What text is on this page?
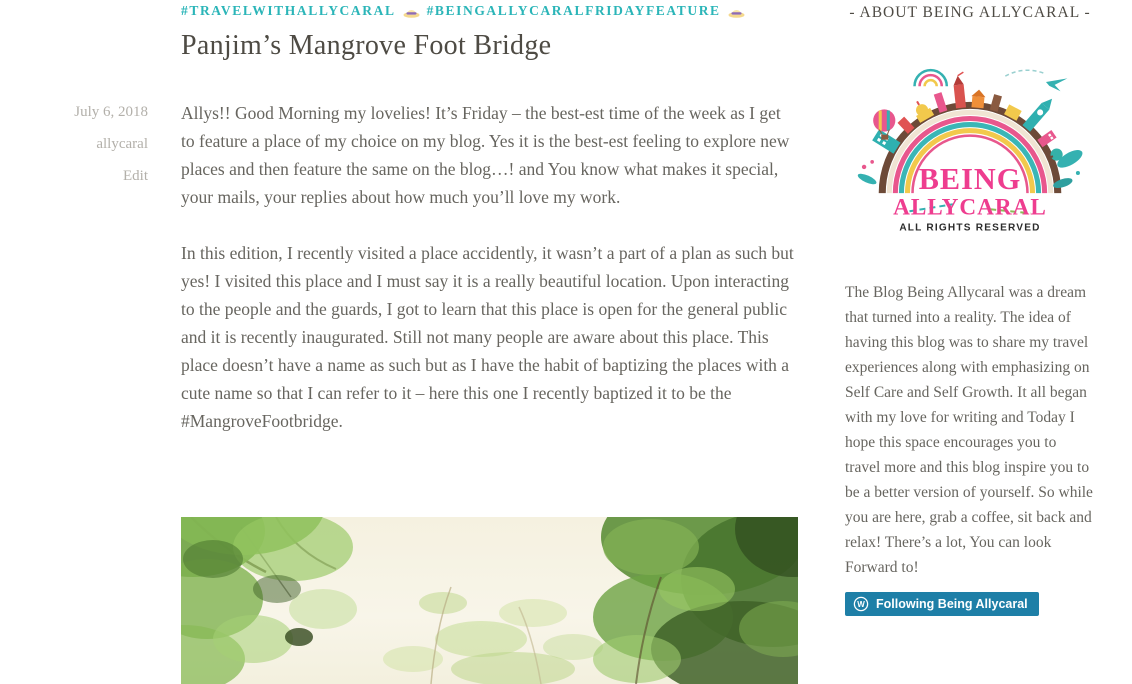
July 6, 2018
allycaral
Edit
#TRAVELWITHALLYCARAL #BEINGALLYCARALFRIDAYFEATURE
Panjim’s Mangrove Foot Bridge

Allys!! Good Morning my lovelies! It’s Friday – the best-est time of the week as I get to feature a place of my choice on my blog. Yes it is the best-est feeling to explore new places and then feature the same on the blog…! and You know what makes it special, your mails, your replies about how much you’ll love my work.

In this edition, I recently visited a place accidently, it wasn’t a part of a plan as such but yes! I visited this place and I must say it is a really beautiful location. Upon interacting to the people and the guards, I got to learn that this place is open for the general public and it is recently inaugurated. Still not many people are aware about this place. This place doesn’t have a name as such but as I have the habit of baptizing the places with a cute name so that I can refer to it – here this one I recently baptized it to be the #MangroveFootbridge.

- ABOUT BEING ALLYCARAL -
BEING
ALLYCARAL
ALL RIGHTS RESERVED

The Blog Being Allycaral was a dream that turned into a reality. The idea of having this blog was to share my travel experiences along with emphasizing on Self Care and Self Growth. It all began with my love for writing and Today I hope this space encourages you to travel more and this blog inspire you to be a better version of yourself. So while you are here, grab a coffee, sit back and relax! There’s a lot, You can look Forward to!

W Following Being Allycaral
